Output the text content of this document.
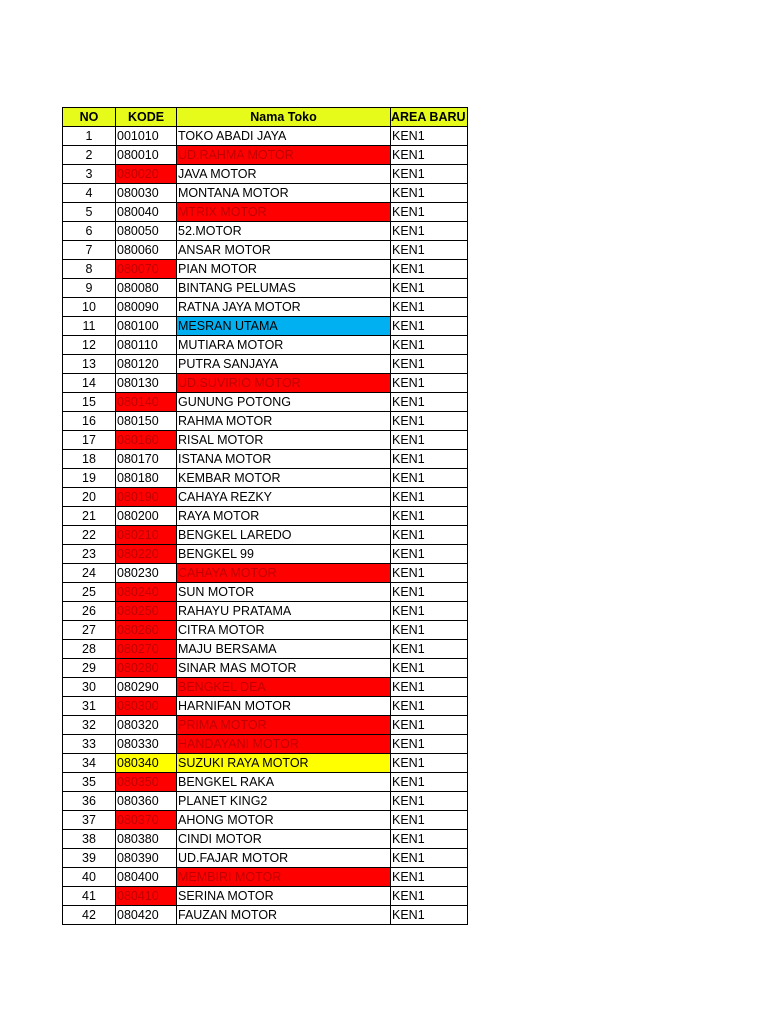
NO	KODE	Nama Toko	AREA BARU
1	001010	TOKO ABADI JAYA	KEN1
2	080010	UD.RAHMA MOTOR	KEN1
3	080020	JAVA MOTOR	KEN1
4	080030	MONTANA MOTOR	KEN1
5	080040	MTRIX MOTOR	KEN1
6	080050	52.MOTOR	KEN1
7	080060	ANSAR MOTOR	KEN1
8	080070	PIAN MOTOR	KEN1
9	080080	BINTANG PELUMAS	KEN1
10	080090	RATNA JAYA MOTOR	KEN1
11	080100	MESRAN UTAMA	KEN1
12	080110	MUTIARA MOTOR	KEN1
13	080120	PUTRA SANJAYA	KEN1
14	080130	UD.SUVIRIO MOTOR	KEN1
15	080140	GUNUNG POTONG	KEN1
16	080150	RAHMA MOTOR	KEN1
17	080160	RISAL MOTOR	KEN1
18	080170	ISTANA MOTOR	KEN1
19	080180	KEMBAR MOTOR	KEN1
20	080190	CAHAYA REZKY	KEN1
21	080200	RAYA MOTOR	KEN1
22	080210	BENGKEL LAREDO	KEN1
23	080220	BENGKEL 99	KEN1
24	080230	CAHAYA MOTOR	KEN1
25	080240	SUN MOTOR	KEN1
26	080250	RAHAYU PRATAMA	KEN1
27	080260	CITRA MOTOR	KEN1
28	080270	MAJU BERSAMA	KEN1
29	080280	SINAR MAS MOTOR	KEN1
30	080290	BENGKEL DEA	KEN1
31	080300	HARNIFAN MOTOR	KEN1
32	080320	PRIMA MOTOR	KEN1
33	080330	HANDAYANI MOTOR	KEN1
34	080340	SUZUKI RAYA MOTOR	KEN1
35	080350	BENGKEL RAKA	KEN1
36	080360	PLANET KING2	KEN1
37	080370	AHONG MOTOR	KEN1
38	080380	CINDI MOTOR	KEN1
39	080390	UD.FAJAR MOTOR	KEN1
40	080400	MEMBIRI MOTOR	KEN1
41	080410	SERINA MOTOR	KEN1
42	080420	FAUZAN MOTOR	KEN1
